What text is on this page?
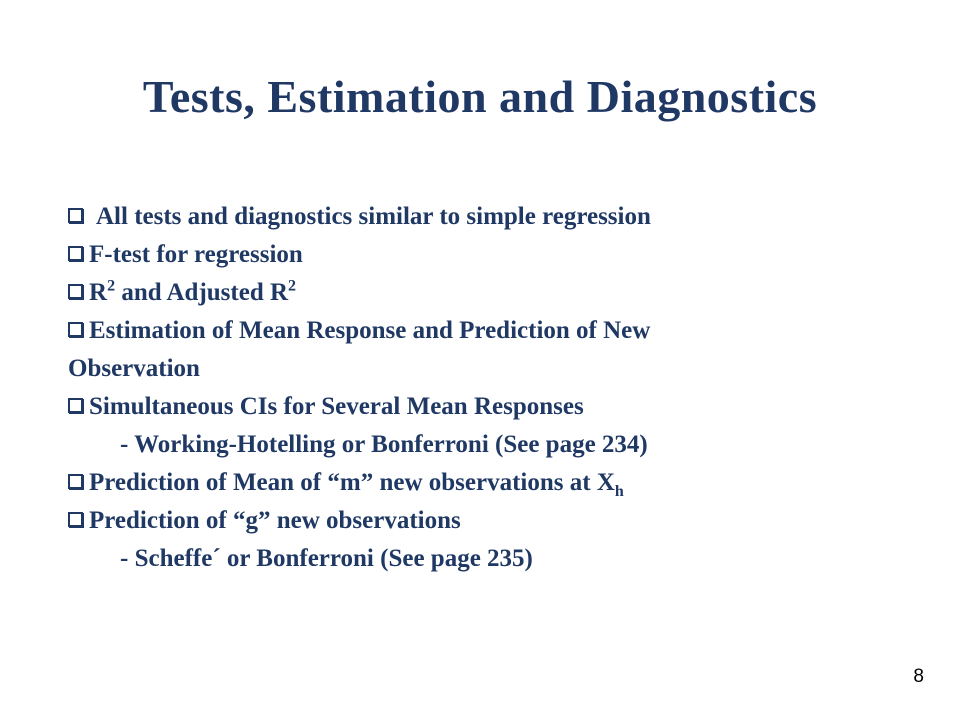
Tests, Estimation and Diagnostics
All tests and diagnostics similar to simple regression
F-test for regression
$R^2$ and Adjusted $R^2$
Estimation of Mean Response and Prediction of New
Observation
Simultaneous CIs for Several Mean Responses
- Working-Hotelling or Bonferroni (See page 234)
Prediction of Mean of “m” new observations at $X_h$
Prediction of “g” new observations
- Scheffe´ or Bonferroni (See page 235)
8
